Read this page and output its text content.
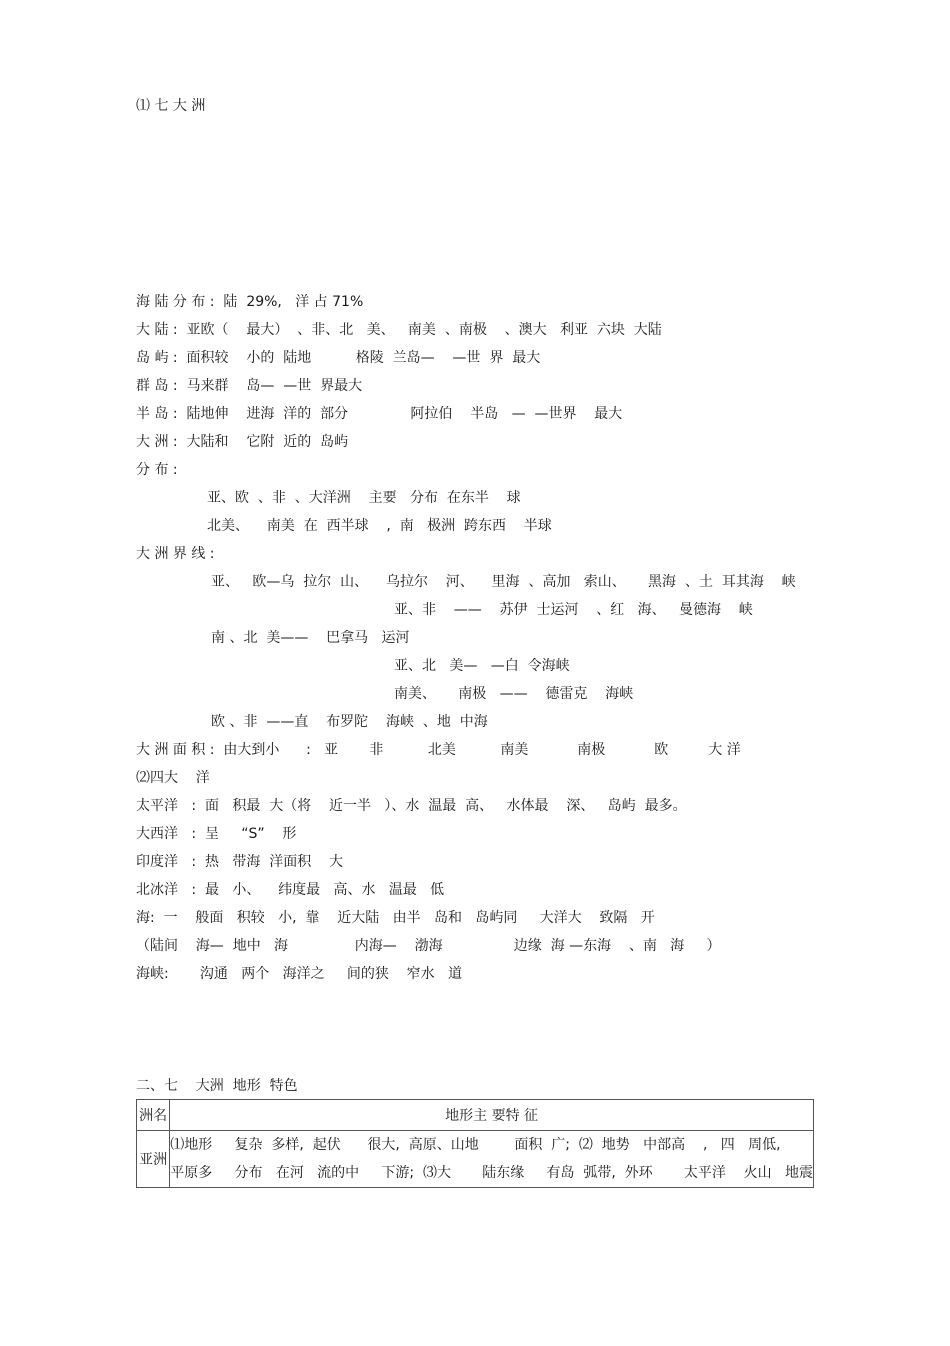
⑴ 七 大 洲
海 陆 分 布 :  陆  29%,   洋 占 71%
大 陆 :  亚欧（    最大）  、非、北   美、   南美  、南极    、澳大   利亚  六块  大陆
岛 屿 :  面积较    小的  陆地          格陵  兰岛—    —世  界  最大
群 岛 :  马来群    岛—  —世  界最大
半 岛 :  陆地伸    进海  洋的  部分              阿拉伯    半岛   —  —世界    最大
大 洲 :  大陆和    它附  近的  岛屿
分 布 :
亚、欧  、非  、大洋洲    主要   分布  在东半    球
北美、    南美  在  西半球    ,  南   极洲  跨东西    半球
大 洲 界 线 :
亚、   欧—乌  拉尔  山、    乌拉尔    河、    里海  、高加   索山、     黑海  、土  耳其海    峡
亚、非    ——    苏伊  士运河    、红   海、   曼德海    峡
南 、北  美——    巴拿马   运河
亚、北   美—   —白  令海峡
南美、     南极   ——    德雷克    海峡
欧 、非  ——直    布罗陀    海峡  、地  中海
大 洲 面 积 :  由大到小      :   亚       非          北美          南美           南极           欧         大 洋
⑵四大    洋
太平洋   :  面   积最  大（将    近一半   ）、水  温最  高、   水体最    深、   岛屿  最多。
大西洋   :  呈     “S”    形
印度洋   :  热   带海  洋面积    大
北冰洋   :  最   小、    纬度最   高、水   温最   低
海:  一    般面   积较   小,  靠    近大陆   由半   岛和   岛屿同     大洋大    致隔   开
（陆间    海—  地中   海               内海—    渤海                边缘  海 —东海    、南   海     ）
海峡:       沟通   两个   海洋之     间的狭    窄水   道
二、七    大洲  地形  特色
洲名	地形主 要特 征
亚洲	⑴地形     复杂  多样,  起伏      很大,  高原、山地        面积  广;  ⑵  地势   中部高    ,   四   周低,
平原多     分布   在河   流的中     下游;  ⑶大       陆东缘     有岛  弧带,  外环       太平洋    火山   地震
